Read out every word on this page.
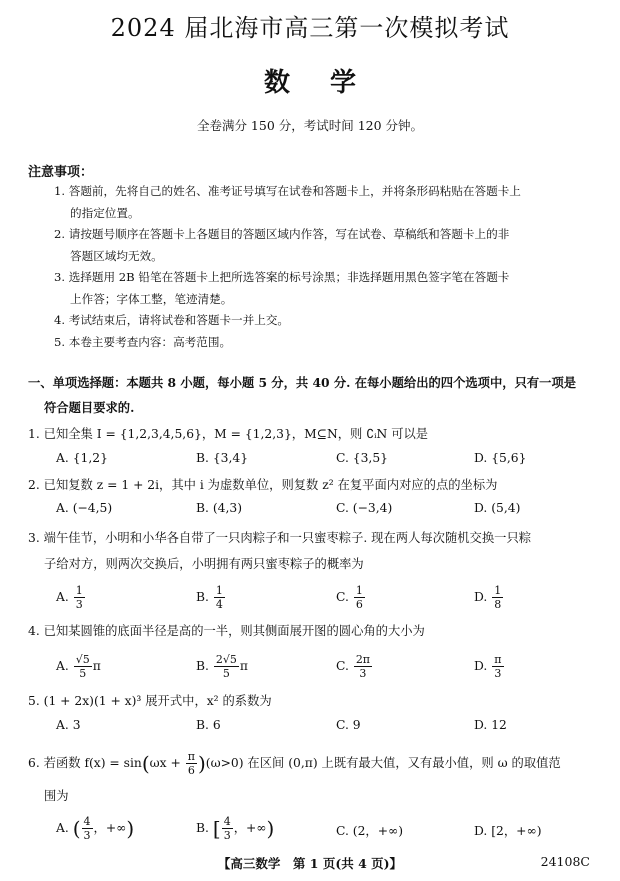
2024 届北海市高三第一次模拟考试
数学
全卷满分 150 分，考试时间 120 分钟。
注意事项：
1. 答题前，先将自己的姓名、准考证号填写在试卷和答题卡上，并将条形码粘贴在答题卡上
的指定位置。
2. 请按题号顺序在答题卡上各题目的答题区域内作答，写在试卷、草稿纸和答题卡上的非
答题区域均无效。
3. 选择题用 2B 铅笔在答题卡上把所选答案的标号涂黑；非选择题用黑色签字笔在答题卡
上作答；字体工整，笔迹清楚。
4. 考试结束后，请将试卷和答题卡一并上交。
5. 本卷主要考查内容：高考范围。
一、单项选择题：本题共 8 小题，每小题 5 分，共 40 分. 在每小题给出的四个选项中，只有一项是
符合题目要求的.
1. 已知全集 I = {1,2,3,4,5,6}，M = {1,2,3}，M⊆N，则 ∁ᵢN 可以是
A. {1,2}	B. {3,4}	C. {3,5}	D. {5,6}
2. 已知复数 z = 1 + 2i，其中 i 为虚数单位，则复数 z² 在复平面内对应的点的坐标为
A. (−4,5)	B. (4,3)	C. (−3,4)	D. (5,4)
3. 端午佳节，小明和小华各自带了一只肉粽子和一只蜜枣粽子. 现在两人每次随机交换一只粽
子给对方，则两次交换后，小明拥有两只蜜枣粽子的概率为
A. $\frac{1}{3}$	B. $\frac{1}{4}$	C. $\frac{1}{6}$	D. $\frac{1}{8}$
4. 已知某圆锥的底面半径是高的一半，则其侧面展开图的圆心角的大小为
A. $\frac{√5}{5}$ π	B. $\frac{2√5}{5}$ π	C. $\frac{2\pi}{3}$	D. $\frac{\pi}{3}$
5. (1 + 2x)(1 + x)³ 展开式中，x² 的系数为
A. 3	B. 6	C. 9	D. 12
6. 若函数 $f(x) = \sin(\omega x + \frac{\pi}{6} )(\omega>0)$ 在区间 (0,π) 上既有最大值，又有最小值，则 ω 的取值范
围为
A. ( $\frac{4}{3}$ ，+∞)	B. [ $\frac{4}{3}$ ，+∞)	C. (2，+∞)	D. [2，+∞)
【高三数学　第 1 页(共 4 页)】	24108C
